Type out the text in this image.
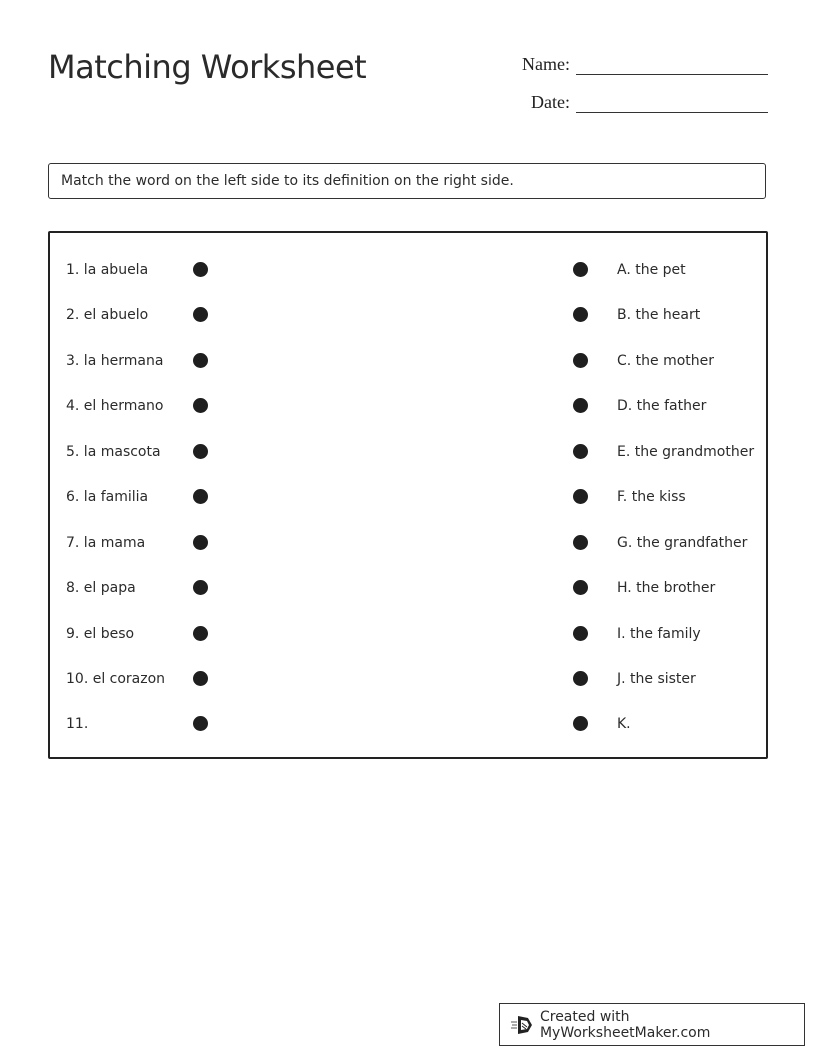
Matching Worksheet	Name:
Date:
Match the word on the left side to its definition on the right side.
1. la abuela	A. the pet
2. el abuelo	B. the heart
3. la hermana	C. the mother
4. el hermano	D. the father
5. la mascota	E. the grandmother
6. la familia	F. the kiss
7. la mama	G. the grandfather
8. el papa	H. the brother
9. el beso	I. the family
10. el corazon	J. the sister
11.	K.
Created with MyWorksheetMaker.com
